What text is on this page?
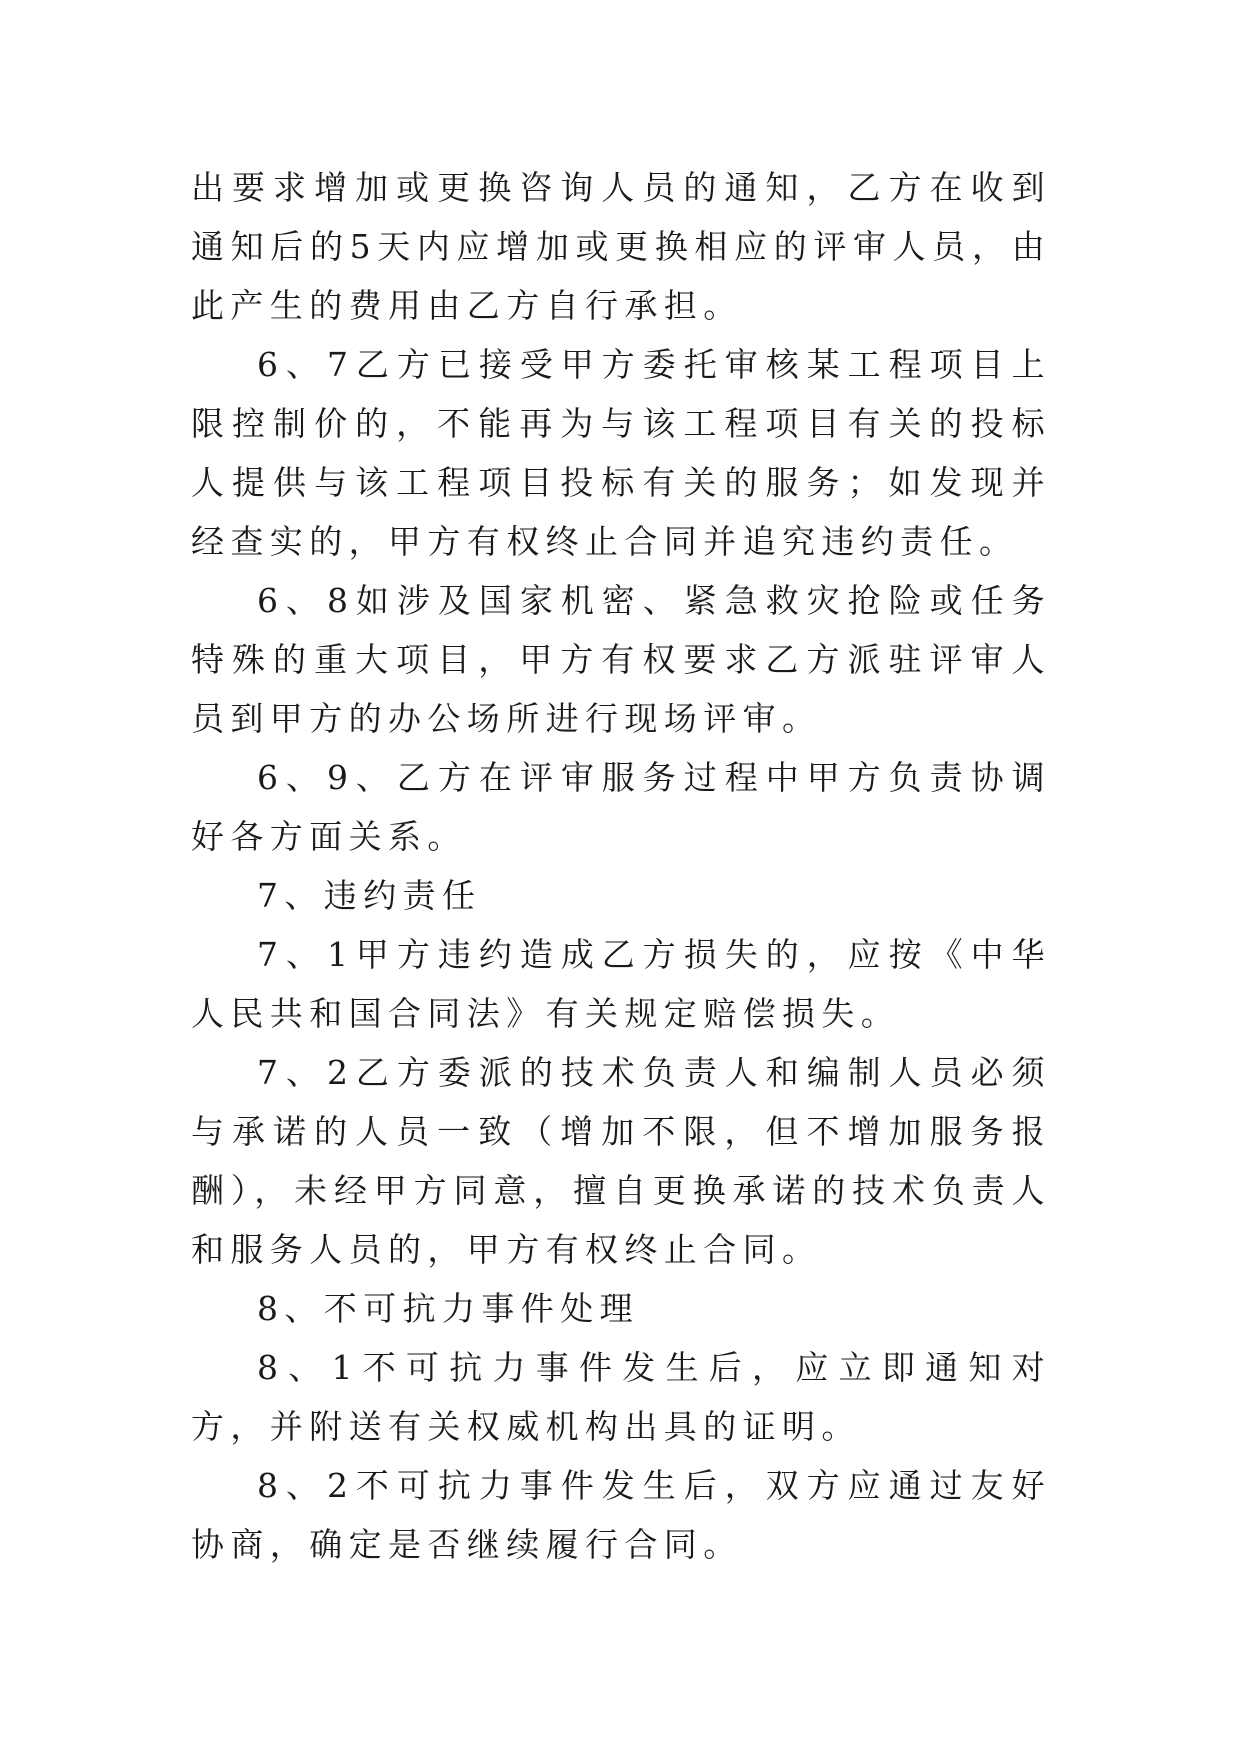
出要求增加或更换咨询人员的通知，乙方在收到通知后的5天内应增加或更换相应的评审人员，由此产生的费用由乙方自行承担。

6、7乙方已接受甲方委托审核某工程项目上限控制价的，不能再为与该工程项目有关的投标人提供与该工程项目投标有关的服务；如发现并经查实的，甲方有权终止合同并追究违约责任。

6、8如涉及国家机密、紧急救灾抢险或任务特殊的重大项目，甲方有权要求乙方派驻评审人员到甲方的办公场所进行现场评审。

6、9、乙方在评审服务过程中甲方负责协调好各方面关系。

7、违约责任

7、1甲方违约造成乙方损失的，应按《中华人民共和国合同法》有关规定赔偿损失。

7、2乙方委派的技术负责人和编制人员必须与承诺的人员一致（增加不限，但不增加服务报酬），未经甲方同意，擅自更换承诺的技术负责人和服务人员的，甲方有权终止合同。

8、不可抗力事件处理

8、1不可抗力事件发生后，应立即通知对方，并附送有关权威机构出具的证明。

8、2不可抗力事件发生后，双方应通过友好协商，确定是否继续履行合同。
